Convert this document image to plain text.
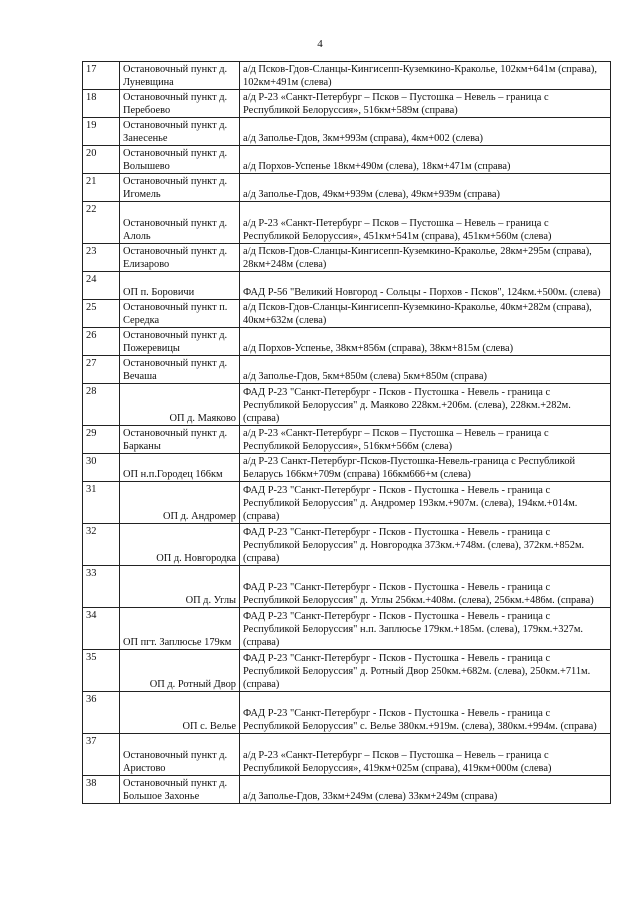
4
17	Остановочный пункт д. Луневщина	а/д Псков-Гдов-Сланцы-Кингисепп-Куземкино-Краколье, 102км+641м (справа), 102км+491м (слева)
18	Остановочный пункт д. Перебоево	а/д Р-23 «Санкт-Петербург – Псков – Пустошка – Невель – граница с Республикой Белоруссия», 516км+589м (справа)
19	Остановочный пункт д. Занесенье	а/д Заполье-Гдов, 3км+993м (справа), 4км+002 (слева)
20	Остановочный пункт д. Волышево	а/д Порхов-Успенье 18км+490м (слева), 18км+471м (справа)
21	Остановочный пункт д. Игомель	а/д Заполье-Гдов, 49км+939м (слева), 49км+939м (справа)
22	Остановочный пункт д. Алоль	а/д Р-23 «Санкт-Петербург – Псков – Пустошка – Невель – граница с Республикой Белоруссия», 451км+541м (справа), 451км+560м (слева)
23	Остановочный пункт д. Елизарово	а/д Псков-Гдов-Сланцы-Кингисепп-Куземкино-Краколье, 28км+295м (справа), 28км+248м (слева)
24	ОП п. Боровичи	ФАД Р-56 "Великий Новгород - Сольцы - Порхов - Псков", 124км.+500м. (слева)
25	Остановочный пункт п. Середка	а/д Псков-Гдов-Сланцы-Кингисепп-Куземкино-Краколье, 40км+282м (справа), 40км+632м (слева)
26	Остановочный пункт д. Пожеревицы	а/д Порхов-Успенье, 38км+856м (справа), 38км+815м (слева)
27	Остановочный пункт д. Вечаша	а/д Заполье-Гдов, 5км+850м (слева) 5км+850м (справа)
28	ОП д. Маяково	ФАД Р-23 "Санкт-Петербург - Псков - Пустошка - Невель - граница с Республикой Белоруссия" д. Маяково 228км.+206м. (слева), 228км.+282м. (справа)
29	Остановочный пункт д. Барканы	а/д Р-23 «Санкт-Петербург – Псков – Пустошка – Невель – граница с Республикой Белоруссия», 516км+566м (слева)
30	ОП н.п.Городец 166км	а/д Р-23 Санкт-Петербург-Псков-Пустошка-Невель-граница с Республикой Беларусь 166км+709м (справа) 166км666+м (слева)
31	ОП д. Андромер	ФАД Р-23 "Санкт-Петербург - Псков - Пустошка - Невель - граница с Республикой Белоруссия" д. Андромер 193км.+907м. (слева), 194км.+014м. (справа)
32	ОП д. Новгородка	ФАД Р-23 "Санкт-Петербург - Псков - Пустошка - Невель - граница с Республикой Белоруссия" д. Новгородка 373км.+748м. (слева), 372км.+852м. (справа)
33	ОП д. Углы	ФАД Р-23 "Санкт-Петербург - Псков - Пустошка - Невель - граница с Республикой Белоруссия" д. Углы 256км.+408м. (слева), 256км.+486м. (справа)
34	ОП пгт. Заплюсье 179км	ФАД Р-23 "Санкт-Петербург - Псков - Пустошка - Невель - граница с Республикой Белоруссия" н.п. Заплюсье 179км.+185м. (слева), 179км.+327м. (справа)
35	ОП д. Ротный Двор	ФАД Р-23 "Санкт-Петербург - Псков - Пустошка - Невель - граница с Республикой Белоруссия" д. Ротный Двор 250км.+682м. (слева), 250км.+711м. (справа)
36	ОП с. Велье	ФАД Р-23 "Санкт-Петербург - Псков - Пустошка - Невель - граница с Республикой Белоруссия" с. Велье 380км.+919м. (слева), 380км.+994м. (справа)
37	Остановочный пункт д. Аристово	а/д Р-23 «Санкт-Петербург – Псков – Пустошка – Невель – граница с Республикой Белоруссия», 419км+025м (справа), 419км+000м (слева)
38	Остановочный пункт д. Большое Захонье	а/д Заполье-Гдов, 33км+249м (слева) 33км+249м (справа)
